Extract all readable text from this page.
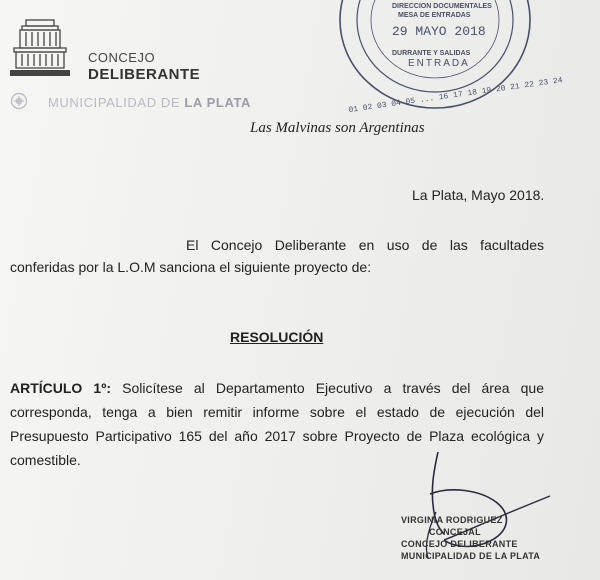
CONCEJO
DELIBERANTE
MUNICIPALIDAD DE LA PLATA
Las Malvinas son Argentinas
DIRECCION DOCUMENTALES
MESA DE ENTRADAS
29 MAYO 2018
DURRANTE Y SALIDAS
ENTRADA
01 02 03 04 05 ... 16 17 18 19 20 21 22 23 24
La Plata, Mayo 2018.
El Concejo Deliberante en uso de las facultades
conferidas por la L.O.M sanciona el siguiente proyecto de:
RESOLUCIÓN
ARTÍCULO 1º: Solicítese al Departamento Ejecutivo a través del área que corresponda, tenga a bien remitir informe sobre el estado de ejecución del Presupuesto Participativo 165 del año 2017 sobre Proyecto de Plaza ecológica y comestible.
VIRGINIA RODRIGUEZ
CONCEJAL
CONCEJO DELIBERANTE
MUNICIPALIDAD DE LA PLATA
